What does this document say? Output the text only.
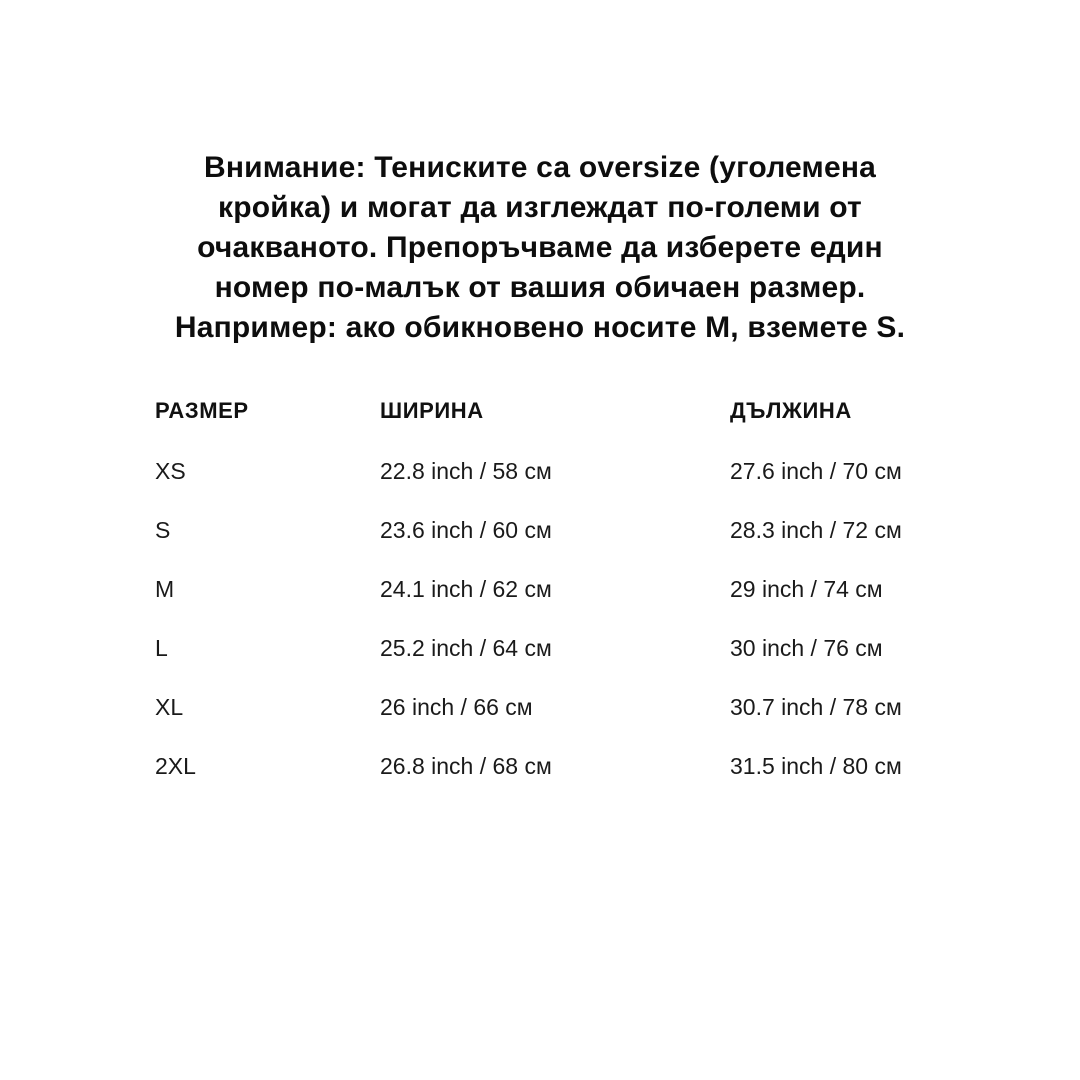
Внимание: Тениските са oversize (уголемена
кройка) и могат да изглеждат по-големи от
очакваното. Препоръчваме да изберете един
номер по-малък от вашия обичаен размер.
Например: ако обикновено носите M, вземете S.
РАЗМЕР	ШИРИНА	ДЪЛЖИНА
XS	22.8 inch / 58 см	27.6 inch / 70 см
S	23.6 inch / 60 см	28.3 inch / 72 см
M	24.1 inch / 62 см	29 inch / 74 см
L	25.2 inch / 64 см	30 inch / 76 см
XL	26 inch / 66 см	30.7 inch / 78 см
2XL	26.8 inch / 68 см	31.5 inch / 80 см
